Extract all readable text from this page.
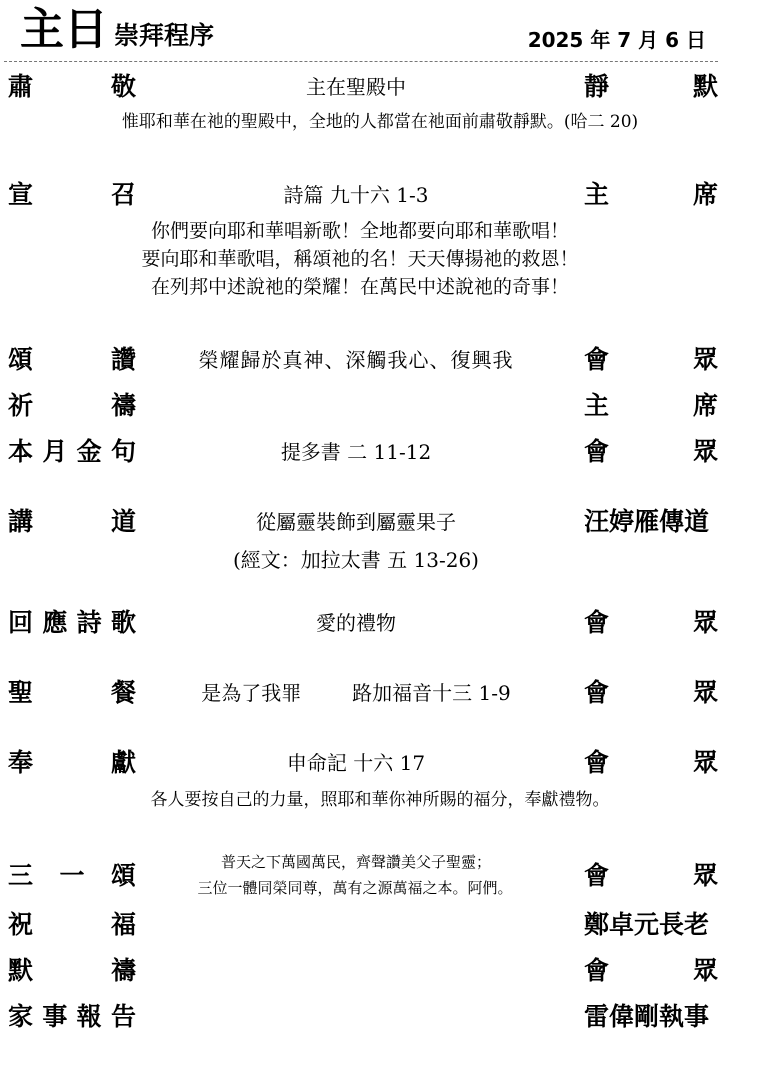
主日 崇拜程序	2025 年 7 月 6 日
肅	敬	主在聖殿中	靜	默
惟耶和華在祂的聖殿中，全地的人都當在祂面前肅敬靜默。(哈二 20)
宣	召	詩篇 九十六 1-3	主	席
你們要向耶和華唱新歌！全地都要向耶和華歌唱！
要向耶和華歌唱，稱頌祂的名！天天傳揚祂的救恩！
在列邦中述說祂的榮耀！在萬民中述說祂的奇事！
頌	讚	榮耀歸於真神、深觸我心、復興我	會	眾
祈	禱	主	席
本 月 金 句	提多書 二 11-12	會	眾
講	道	從屬靈裝飾到屬靈果子	汪婷雁傳道
(經文：加拉太書 五 13-26)
回 應 詩 歌	愛的禮物	會	眾
聖	餐	是為了我罪        路加福音十三 1-9	會	眾
奉	獻	申命記 十六 17	會	眾
各人要按自己的力量，照耶和華你神所賜的福分，奉獻禮物。
三 一 頌	普天之下萬國萬民，齊聲讚美父子聖靈；
三位一體同榮同尊，萬有之源萬福之本。阿們。	會	眾
祝	福	鄭卓元長老
默	禱	會	眾
家 事 報 告	雷偉剛執事
